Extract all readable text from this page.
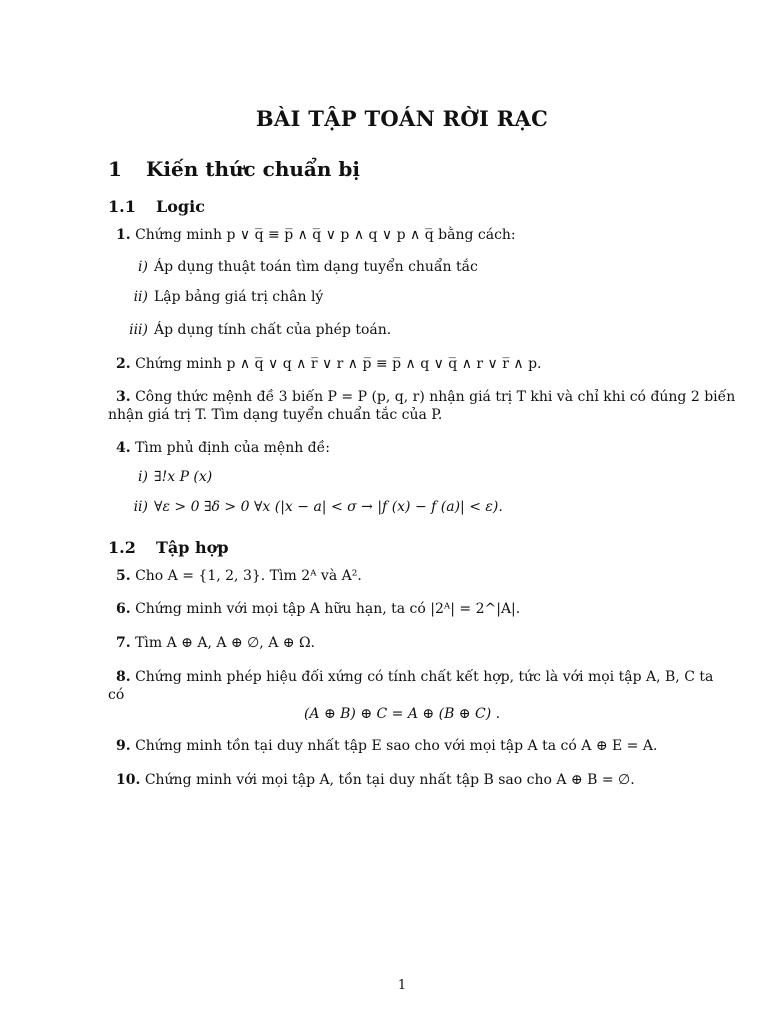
BÀI TẬP TOÁN RỜI RẠC
1 Kiến thức chuẩn bị
1.1 Logic
1. Chứng minh p ∨ q̅ ≡ p̅ ∧ q̅ ∨ p ∧ q ∨ p ∧ q̅ bằng cách:
i) Áp dụng thuật toán tìm dạng tuyển chuẩn tắc
ii) Lập bảng giá trị chân lý
iii) Áp dụng tính chất của phép toán.
2. Chứng minh p ∧ q̅ ∨ q ∧ r̅ ∨ r ∧ p̅ ≡ p̅ ∧ q ∨ q̅ ∧ r ∨ r̅ ∧ p.
3. Công thức mệnh đề 3 biến P = P (p, q, r) nhận giá trị T khi và chỉ khi có đúng 2 biến
nhận giá trị T. Tìm dạng tuyển chuẩn tắc của P.
4. Tìm phủ định của mệnh đề:
i) ∃!x P (x)
ii) ∀ε > 0 ∃δ > 0 ∀x (|x − a| < σ → |f (x) − f (a)| < ε).
1.2 Tập hợp
5. Cho A = {1, 2, 3}. Tìm 2ᴬ và A².
6. Chứng minh với mọi tập A hữu hạn, ta có |2ᴬ| = 2^|A|.
7. Tìm A ⊕ A, A ⊕ ∅, A ⊕ Ω.
8. Chứng minh phép hiệu đối xứng có tính chất kết hợp, tức là với mọi tập A, B, C ta
có
(A ⊕ B) ⊕ C = A ⊕ (B ⊕ C) .
9. Chứng minh tồn tại duy nhất tập E sao cho với mọi tập A ta có A ⊕ E = A.
10. Chứng minh với mọi tập A, tồn tại duy nhất tập B sao cho A ⊕ B = ∅.
1
